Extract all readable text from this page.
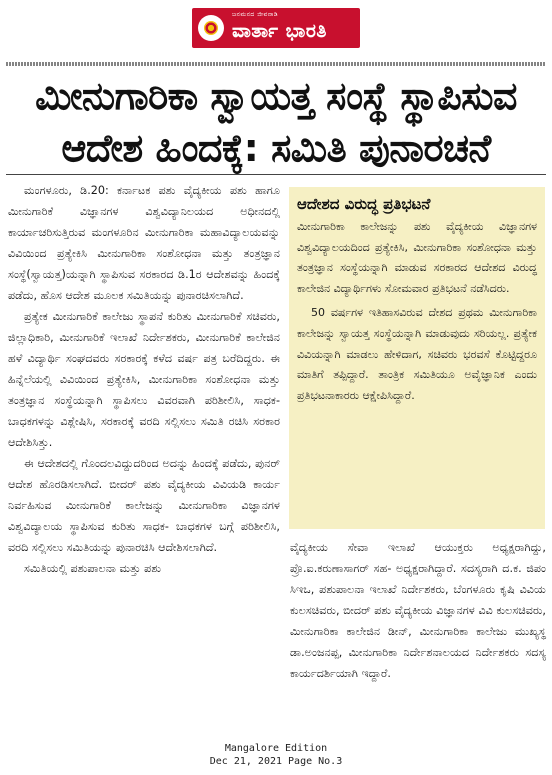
ಜನಮನದ ಜೀವನಾಡಿ
ವಾರ್ತಾ ಭಾರತಿ
ಮೀನುಗಾರಿಕಾ ಸ್ವಾಯತ್ತ ಸಂಸ್ಥೆ ಸ್ಥಾಪಿಸುವ
ಆದೇಶ ಹಿಂದಕ್ಕೆ: ಸಮಿತಿ ಪುನಾರಚನೆ

ಮಂಗಳೂರು, ಡಿ.20: ಕರ್ನಾಟಕ ಪಶು ವೈದ್ಯಕೀಯ ಪಶು ಹಾಗೂ ಮೀನುಗಾರಿಕೆ ವಿಜ್ಞಾನಗಳ ವಿಶ್ವವಿದ್ಯಾನಿಲಯದ ಅಧೀನದಲ್ಲಿ ಕಾರ್ಯಾಚರಿಸುತ್ತಿರುವ ಮಂಗಳೂರಿನ ಮೀನುಗಾರಿಕಾ ಮಹಾವಿದ್ಯಾಲಯವನ್ನು ವಿವಿಯಿಂದ ಪ್ರತ್ಯೇಕಿಸಿ ಮೀನುಗಾರಿಕಾ ಸಂಶೋಧನಾ ಮತ್ತು ತಂತ್ರಜ್ಞಾನ ಸಂಸ್ಥೆ(ಸ್ವಾಯತ್ತ)ಯನ್ನಾಗಿ ಸ್ಥಾಪಿಸುವ ಸರಕಾರದ ಡಿ.1ರ ಆದೇಶವನ್ನು ಹಿಂದಕ್ಕೆ ಪಡೆದು, ಹೊಸ ಆದೇಶ ಮೂಲಕ ಸಮಿತಿಯನ್ನು ಪುನಾರಚಿಸಲಾಗಿದೆ.

ಪ್ರತ್ಯೇಕ ಮೀನುಗಾರಿಕೆ ಕಾಲೇಜು ಸ್ಥಾಪನೆ ಕುರಿತು ಮೀನುಗಾರಿಕೆ ಸಚಿವರು, ಜಿಲ್ಲಾಧಿಕಾರಿ, ಮೀನುಗಾರಿಕೆ ಇಲಾಖೆ ನಿರ್ದೇಶಕರು, ಮೀನುಗಾರಿಕೆ ಕಾಲೇಜಿನ ಹಳೆ ವಿದ್ಯಾರ್ಥಿ ಸಂಘದವರು ಸರಕಾರಕ್ಕೆ ಕಳೆದ ವರ್ಷ ಪತ್ರ ಬರೆದಿದ್ದರು. ಈ ಹಿನ್ನೆಲೆಯಲ್ಲಿ ವಿವಿಯಿಂದ ಪ್ರತ್ಯೇಕಿಸಿ, ಮೀನುಗಾರಿಕಾ ಸಂಶೋಧನಾ ಮತ್ತು ತಂತ್ರಜ್ಞಾನ ಸಂಸ್ಥೆಯನ್ನಾಗಿ ಸ್ಥಾಪಿಸಲು ವಿವರವಾಗಿ ಪರಿಶೀಲಿಸಿ, ಸಾಧಕ-ಬಾಧಕಗಳನ್ನು ವಿಶ್ಲೇಷಿಸಿ, ಸರಕಾರಕ್ಕೆ ವರದಿ ಸಲ್ಲಿಸಲು ಸಮಿತಿ ರಚಿಸಿ ಸರಕಾರ ಆದೇಶಿಸಿತ್ತು.

ಈ ಆದೇಶದಲ್ಲಿ ಗೊಂದಲವಿದ್ದುದರಿಂದ ಅದನ್ನು ಹಿಂದಕ್ಕೆ ಪಡೆದು, ಪುನರ್ ಆದೇಶ ಹೊರಡಿಸಲಾಗಿದೆ. ಬೀದರ್ ಪಶು ವೈದ್ಯಕೀಯ ವಿವಿಯಡಿ ಕಾರ್ಯ ನಿರ್ವಹಿಸುವ ಮೀನುಗಾರಿಕೆ ಕಾಲೇಜನ್ನು ಮೀನುಗಾರಿಕಾ ವಿಜ್ಞಾನಗಳ ವಿಶ್ವವಿದ್ಯಾಲಯ ಸ್ಥಾಪಿಸುವ ಕುರಿತು ಸಾಧಕ- ಬಾಧಕಗಳ ಬಗ್ಗೆ ಪರಿಶೀಲಿಸಿ, ವರದಿ ಸಲ್ಲಿಸಲು ಸಮಿತಿಯನ್ನು ಪುನಾರಚಿಸಿ ಆದೇಶಿಸಲಾಗಿದೆ.

ಸಮಿತಿಯಲ್ಲಿ ಪಶುಪಾಲನಾ ಮತ್ತು ಪಶು

ಆದೇಶದ ವಿರುದ್ಧ ಪ್ರತಿಭಟನೆ

ಮೀನುಗಾರಿಕಾ ಕಾಲೇಜನ್ನು ಪಶು ವೈದ್ಯಕೀಯ ವಿಜ್ಞಾನಗಳ ವಿಶ್ವವಿದ್ಯಾಲಯದಿಂದ ಪ್ರತ್ಯೇಕಿಸಿ, ಮೀನುಗಾರಿಕಾ ಸಂಶೋಧನಾ ಮತ್ತು ತಂತ್ರಜ್ಞಾನ ಸಂಸ್ಥೆಯನ್ನಾಗಿ ಮಾಡುವ ಸರಕಾರದ ಆದೇಶದ ವಿರುದ್ಧ ಕಾಲೇಜಿನ ವಿದ್ಯಾರ್ಥಿಗಳು ಸೋಮವಾರ ಪ್ರತಿಭಟನೆ ನಡೆಸಿದರು.

50 ವರ್ಷಗಳ ಇತಿಹಾಸವಿರುವ ದೇಶದ ಪ್ರಥಮ ಮೀನುಗಾರಿಕಾ ಕಾಲೇಜನ್ನು ಸ್ವಾಯತ್ತ ಸಂಸ್ಥೆಯನ್ನಾಗಿ ಮಾಡುವುದು ಸರಿಯಲ್ಲ. ಪ್ರತ್ಯೇಕ ವಿವಿಯನ್ನಾಗಿ ಮಾಡಲು ಹೇಳಿದಾಗ, ಸಚಿವರು ಭರವಸೆ ಕೊಟ್ಟಿದ್ದರೂ ಮಾತಿಗೆ ತಪ್ಪಿದ್ದಾರೆ. ತಾಂತ್ರಿಕ ಸಮಿತಿಯೂ ಅವೈಜ್ಞಾನಿಕ ಎಂದು ಪ್ರತಿಭಟನಾಕಾರರು ಆಕ್ಷೇಪಿಸಿದ್ದಾರೆ.

ವೈದ್ಯಕೀಯ ಸೇವಾ ಇಲಾಖೆ ಆಯುಕ್ತರು ಅಧ್ಯಕ್ಷರಾಗಿದ್ದು, ಪ್ರೊ.ಐ.ಕರುಣಾಸಾಗರ್ ಸಹ- ಅಧ್ಯಕ್ಷರಾಗಿದ್ದಾರೆ. ಸದಸ್ಯರಾಗಿ ದ.ಕ. ಜಿಪಂ ಸಿಇಒ, ಪಶುಪಾಲನಾ ಇಲಾಖೆ ನಿರ್ದೇಶಕರು, ಬೆಂಗಳೂರು ಕೃಷಿ ವಿವಿಯ ಕುಲಸಚಿವರು, ಬೀದರ್ ಪಶು ವೈದ್ಯಕೀಯ ವಿಜ್ಞಾನಗಳ ವಿವಿ ಕುಲಸಚಿವರು, ಮೀನುಗಾರಿಕಾ ಕಾಲೇಜಿನ ಡೀನ್, ಮೀನುಗಾರಿಕಾ ಕಾಲೇಜು ಮುಖ್ಯಸ್ಥ ಡಾ.ಅಂಜನಪ್ಪ, ಮೀನುಗಾರಿಕಾ ನಿರ್ದೇಶನಾಲಯದ ನಿರ್ದೇಶಕರು ಸದಸ್ಯ ಕಾರ್ಯದರ್ಶಿಯಾಗಿ ಇದ್ದಾರೆ.

Mangalore Edition
Dec 21, 2021 Page No.3
